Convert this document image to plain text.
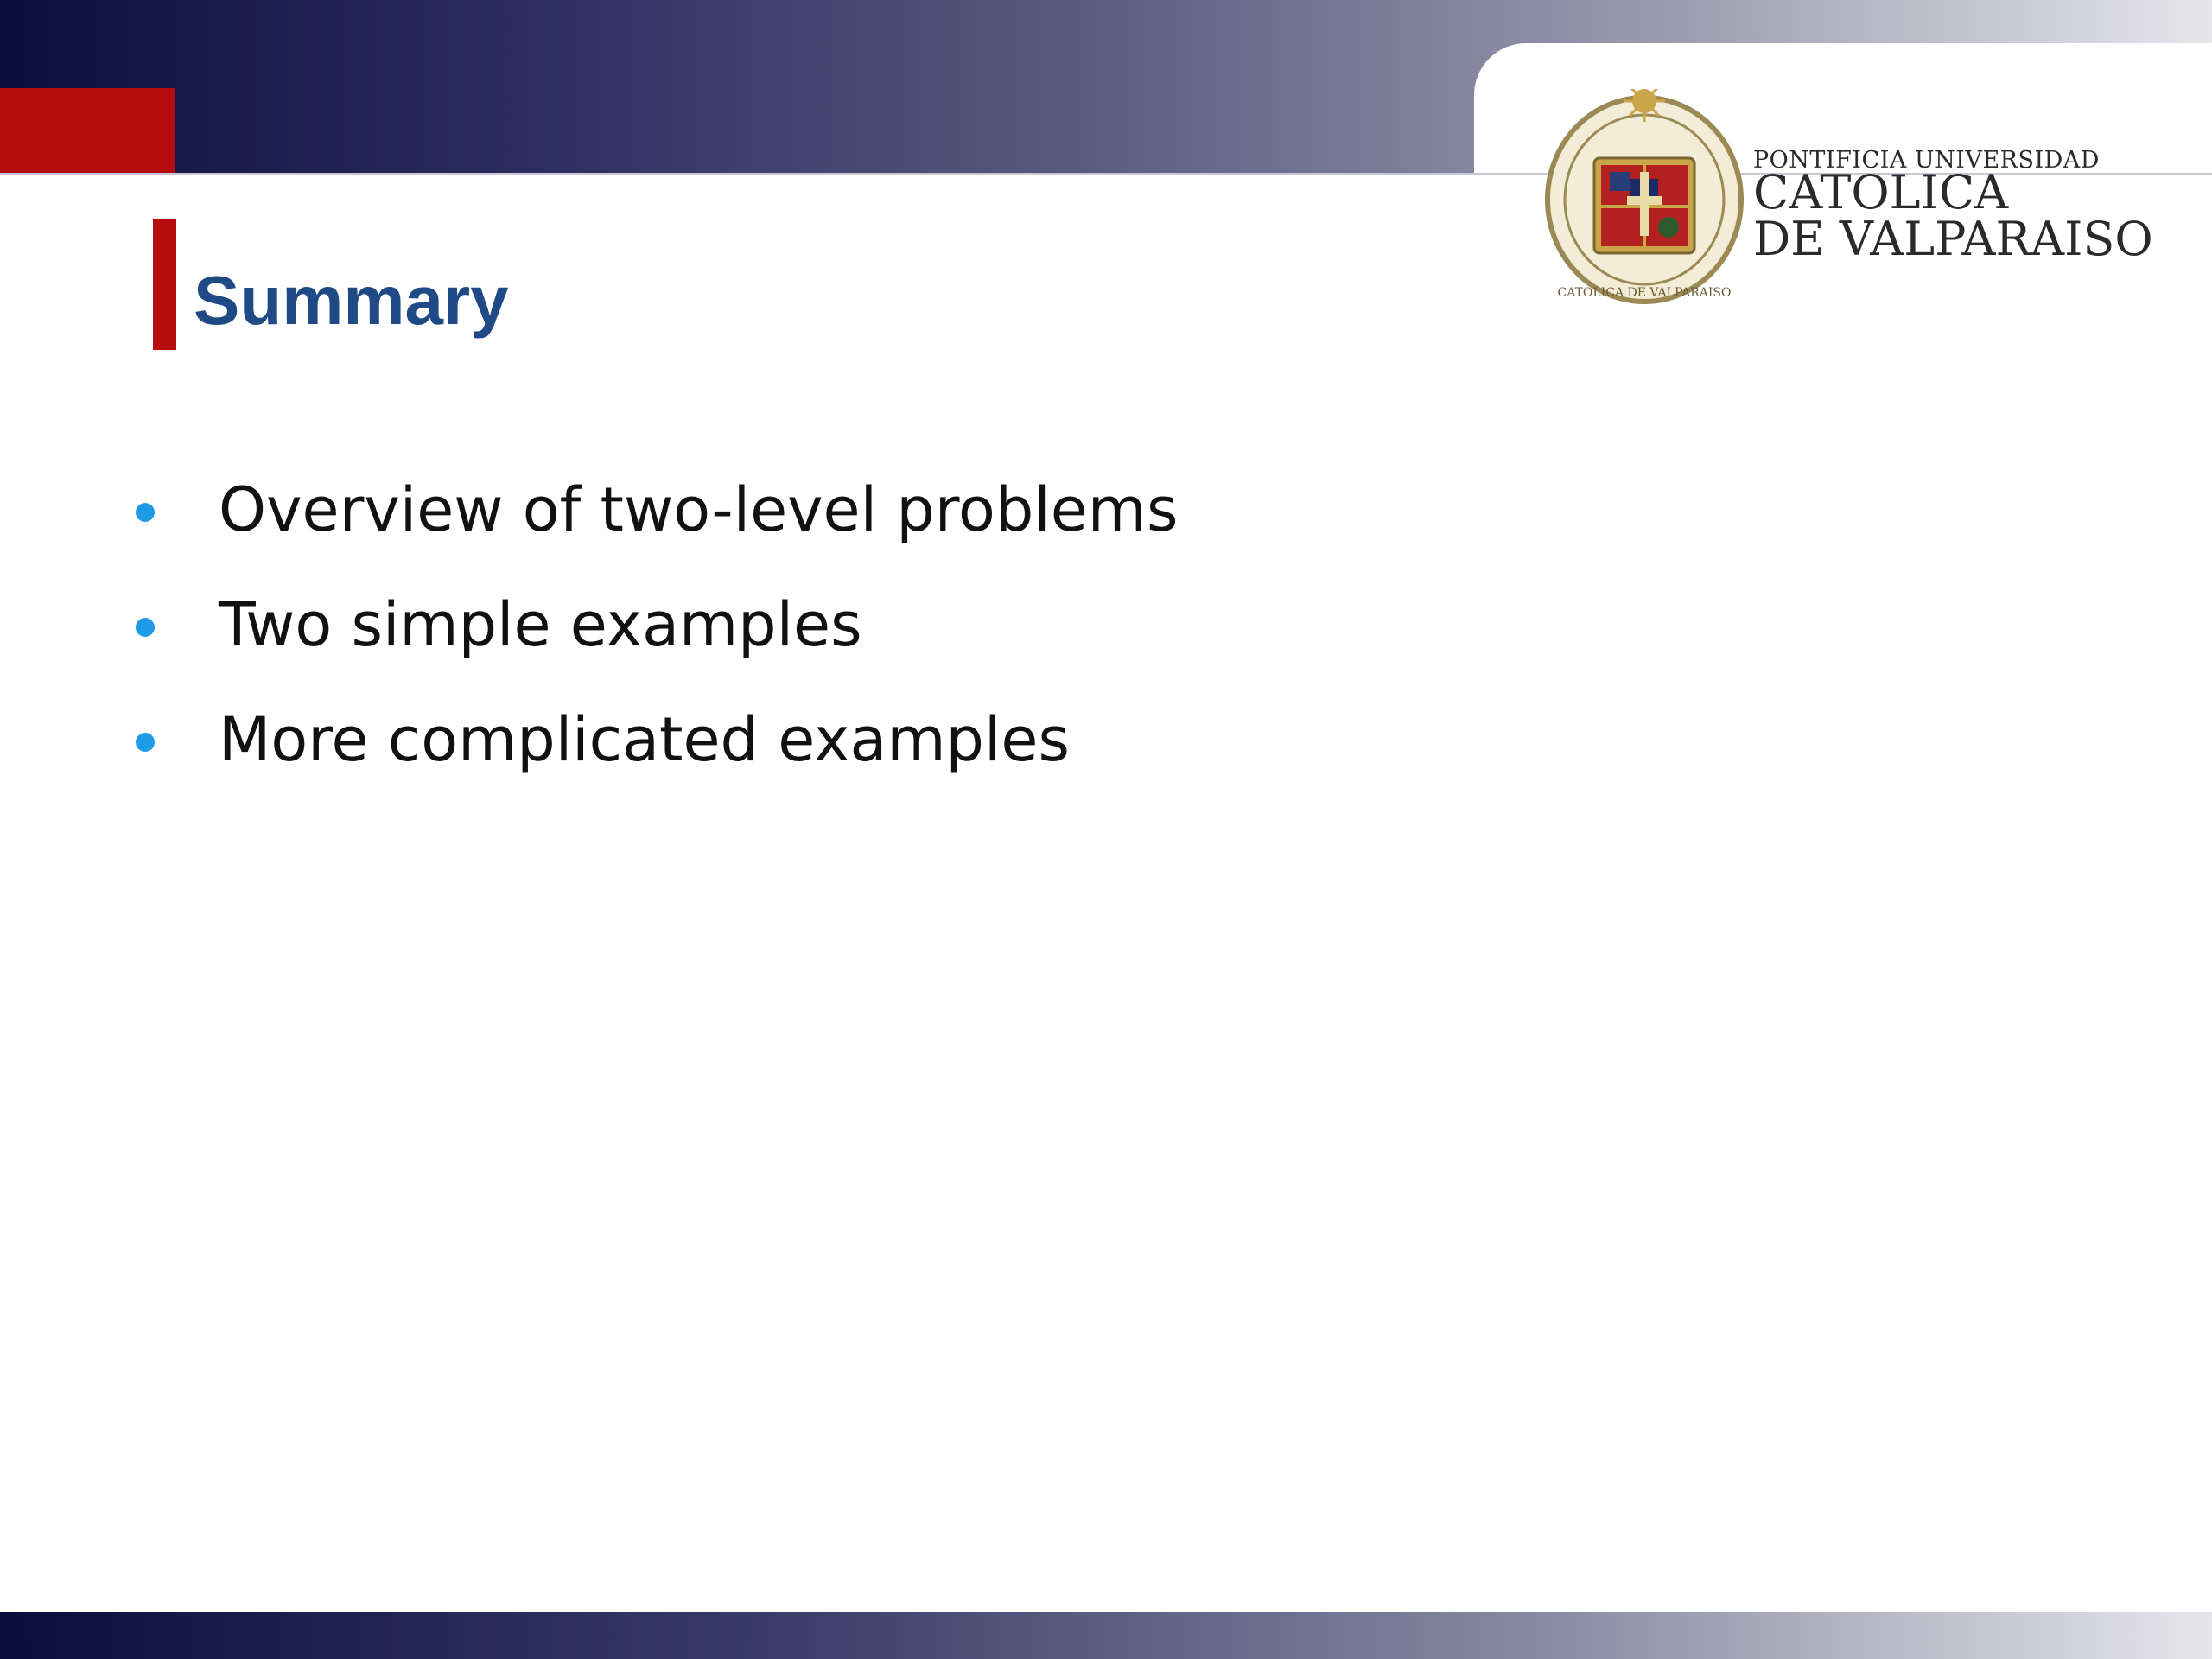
CATOLICA DE VALPARAISO
PONTIFICIA UNIVERSIDAD
CATOLICA
DE VALPARAISO
Summary
Overview of two-level problems
Two simple examples
More complicated examples
